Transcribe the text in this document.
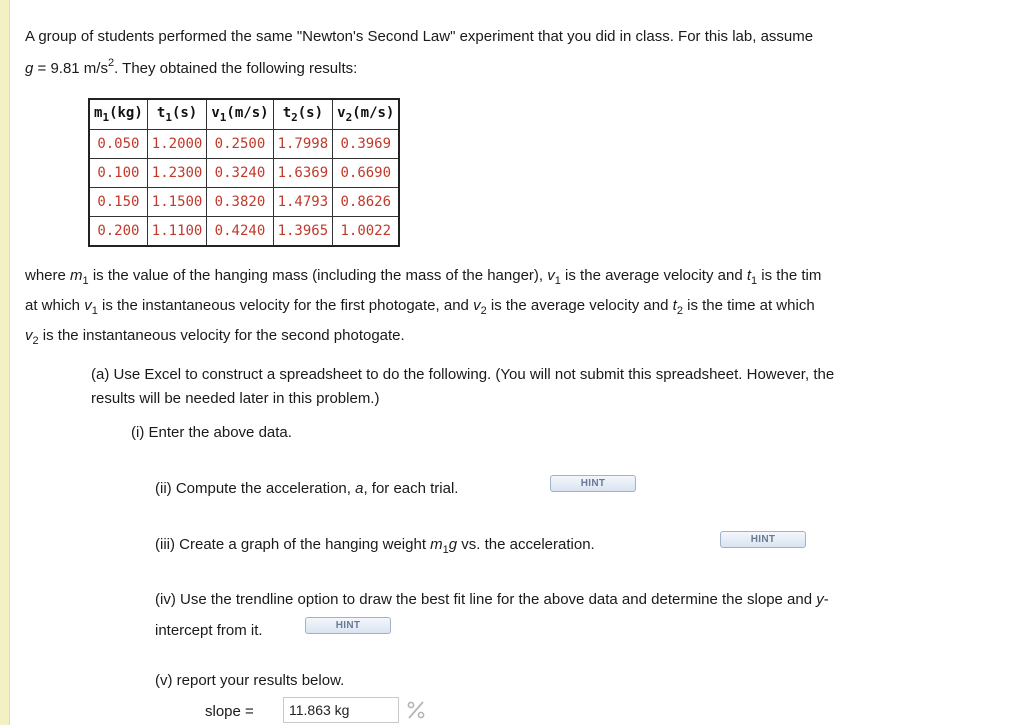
A group of students performed the same "Newton's Second Law" experiment that you did in class. For this lab, assume
g = 9.81 $m/s^2$. They obtained the following results:
$m_1(kg)$	$t_1(s)$	$v_1(m/s)$	$t_2(s)$	$v_2(m/s)$
0.050	1.2000	0.2500	1.7998	0.3969
0.100	1.2300	0.3240	1.6369	0.6690
0.150	1.1500	0.3820	1.4793	0.8626
0.200	1.1100	0.4240	1.3965	1.0022
where $m_1$ is the value of the hanging mass (including the mass of the hanger), $v_1$ is the average velocity and $t_1$ is the tim
at which $v_1$ is the instantaneous velocity for the first photogate, and $v_2$ is the average velocity and $t_2$ is the time at which
$v_2$ is the instantaneous velocity for the second photogate.
(a) Use Excel to construct a spreadsheet to do the following. (You will not submit this spreadsheet. However, the
results will be needed later in this problem.)
(i) Enter the above data.
(ii) Compute the acceleration, a, for each trial.
(iii) Create a graph of the hanging weight $m_1g$ vs. the acceleration.
(iv) Use the trendline option to draw the best fit line for the above data and determine the slope and y-
intercept from it.
(v) report your results below.
slope =
HINT
HINT
HINT
11.863 kg
